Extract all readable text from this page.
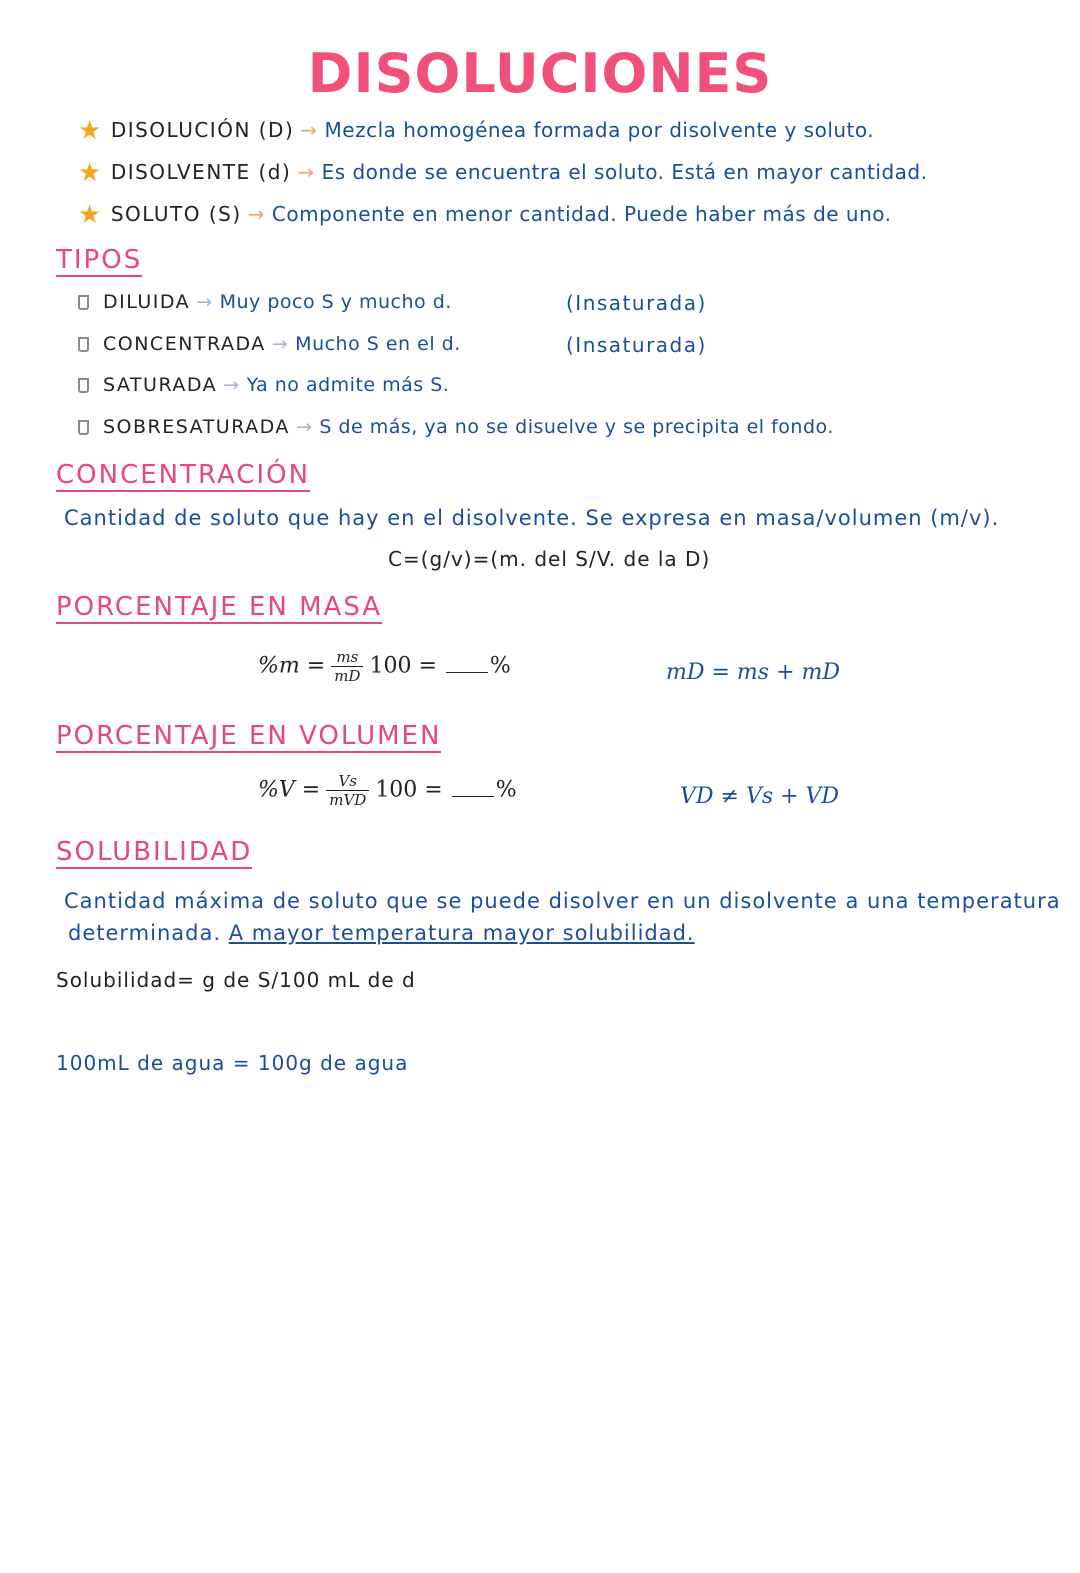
DISOLUCIONES
★ DISOLUCIÓN (D) → Mezcla homogénea formada por disolvente y soluto.
★ DISOLVENTE (d) → Es donde se encuentra el soluto. Está en mayor cantidad.
★ SOLUTO (S) → Componente en menor cantidad. Puede haber más de uno.
TIPOS
DILUIDA → Muy poco S y mucho d.	(Insaturada)
CONCENTRADA → Mucho S en el d.	(Insaturada)
SATURADA → Ya no admite más S.
SOBRESATURADA → S de más, ya no se disuelve y se precipita el fondo.
CONCENTRACIÓN
Cantidad de soluto que hay en el disolvente. Se expresa en masa/volumen (m/v).
C=(g/v)=(m. del S/V. de la D)
PORCENTAJE EN MASA
$\%m = \frac{ms}{mD} 100$ = %	mD = ms + mD
PORCENTAJE EN VOLUMEN
$\%V = \frac{Vs}{\text{mVD}} 100$ = %	VD ≠ Vs + VD
SOLUBILIDAD
Cantidad máxima de soluto que se puede disolver en un disolvente a una temperatura
determinada. A mayor temperatura mayor solubilidad.
Solubilidad= g de S/100 mL de d
100mL de agua = 100g de agua
